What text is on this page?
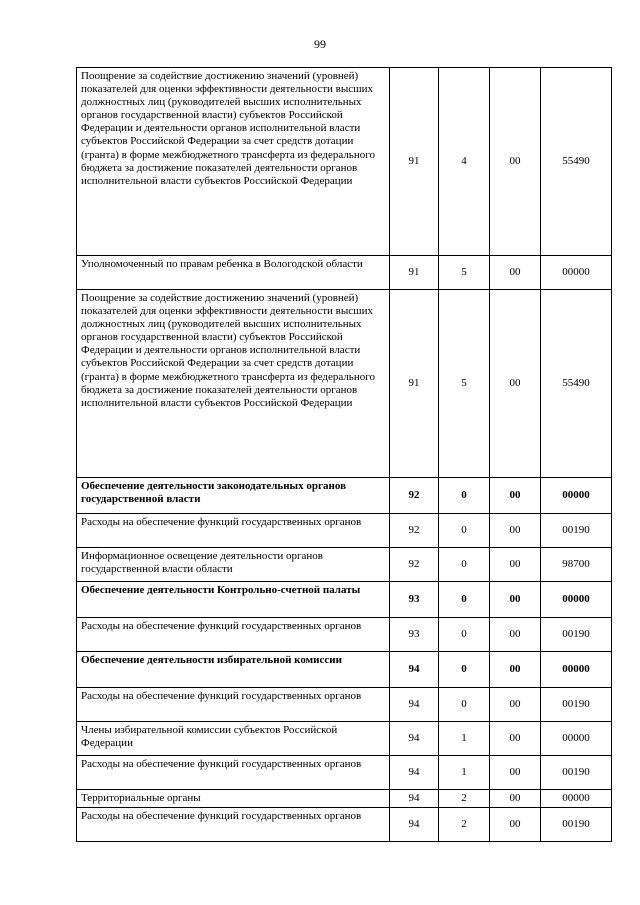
99
Поощрение за содействие достижению значений (уровней) показателей для оценки эффективности деятельности высших должностных лиц (руководителей высших исполнительных органов государственной власти) субъектов Российской Федерации и деятельности органов исполнительной власти субъектов Российской Федерации за счет средств дотации (гранта) в форме межбюджетного трансферта из федерального бюджета за достижение показателей деятельности органов исполнительной власти субъектов Российской Федерации	91	4	00	55490
Уполномоченный по правам ребенка в Вологодской области	91	5	00	00000
Поощрение за содействие достижению значений (уровней) показателей для оценки эффективности деятельности высших должностных лиц (руководителей высших исполнительных органов государственной власти) субъектов Российской Федерации и деятельности органов исполнительной власти субъектов Российской Федерации за счет средств дотации (гранта) в форме межбюджетного трансферта из федерального бюджета за достижение показателей деятельности органов исполнительной власти субъектов Российской Федерации	91	5	00	55490
Обеспечение деятельности законодательных органов государственной власти	92	0	00	00000
Расходы на обеспечение функций государственных органов	92	0	00	00190
Информационное освещение деятельности органов государственной власти области	92	0	00	98700
Обеспечение деятельности Контрольно-счетной палаты	93	0	00	00000
Расходы на обеспечение функций государственных органов	93	0	00	00190
Обеспечение деятельности избирательной комиссии	94	0	00	00000
Расходы на обеспечение функций государственных органов	94	0	00	00190
Члены избирательной комиссии субъектов Российской Федерации	94	1	00	00000
Расходы на обеспечение функций государственных органов	94	1	00	00190
Территориальные органы	94	2	00	00000
Расходы на обеспечение функций государственных органов	94	2	00	00190
